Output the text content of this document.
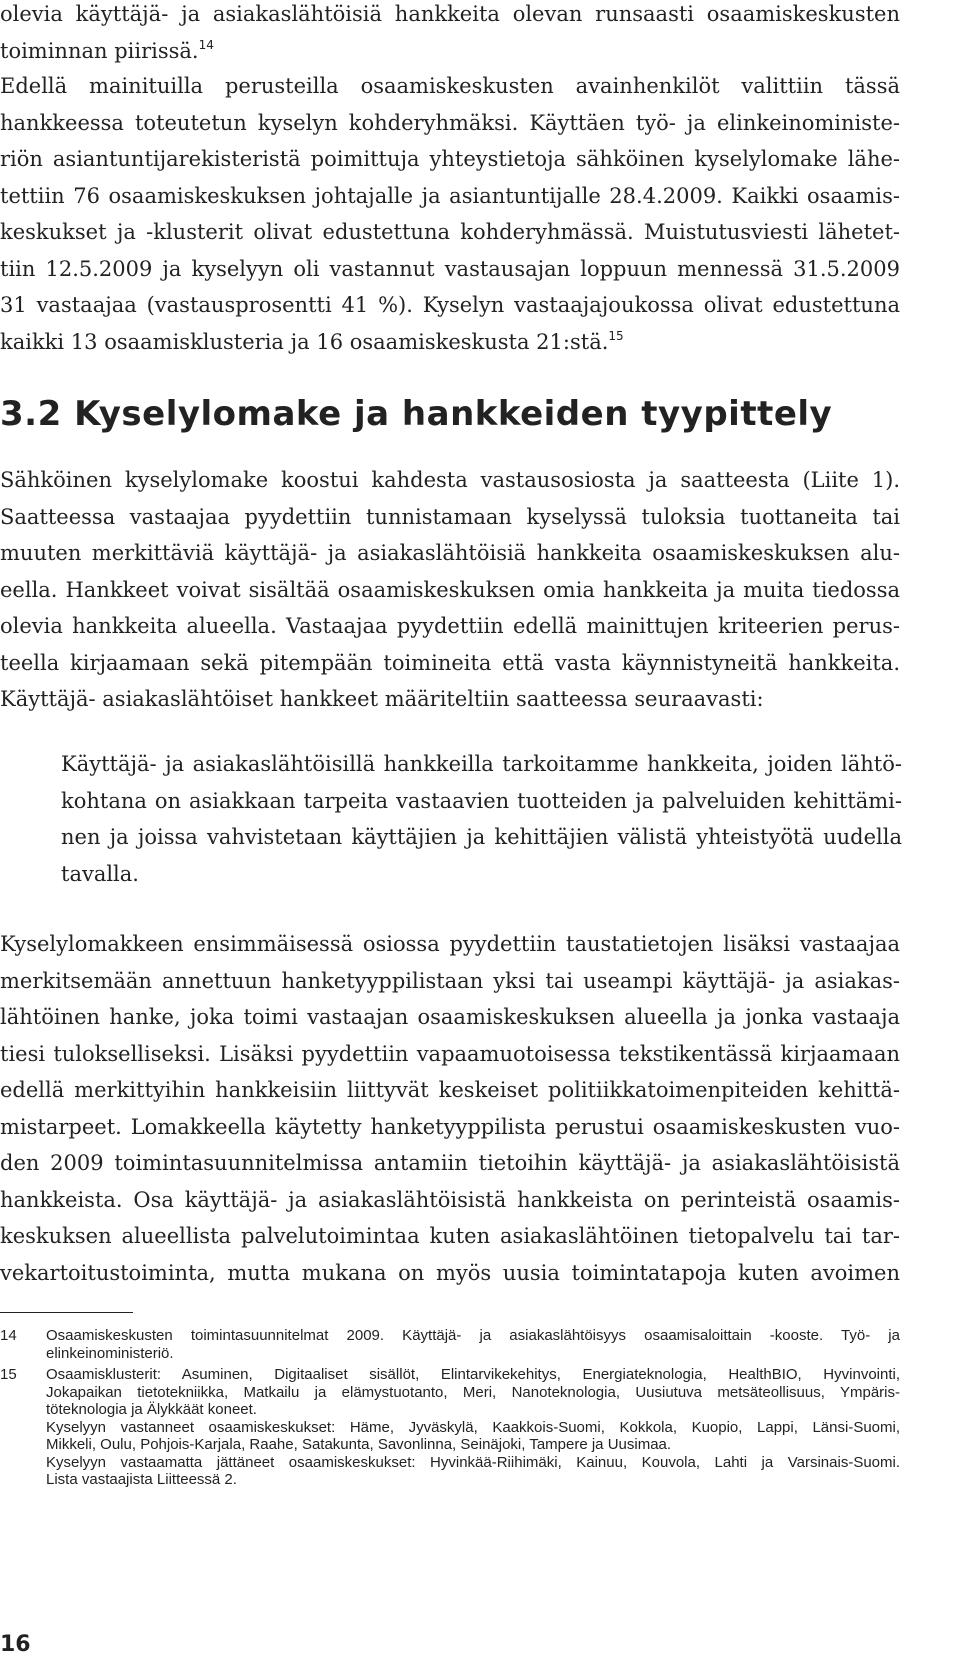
olevia käyttäjä- ja asiakaslähtöisiä hankkeita olevan runsaasti osaamiskeskusten
toiminnan piirissä.$^{14}$
Edellä mainituilla perusteilla osaamiskeskusten avainhenkilöt valittiin tässä
hankkeessa toteutetun kyselyn kohderyhmäksi. Käyttäen työ- ja elinkeinoministe-
riön asiantuntijarekisteristä poimittuja yhteystietoja sähköinen kyselylomake lähe-
tettiin 76 osaamiskeskuksen johtajalle ja asiantuntijalle 28.4.2009. Kaikki osaamis-
keskukset ja -klusterit olivat edustettuna kohderyhmässä. Muistutusviesti lähetet-
tiin 12.5.2009 ja kyselyyn oli vastannut vastausajan loppuun mennessä 31.5.2009
31 vastaajaa (vastausprosentti 41 %). Kyselyn vastaajajoukossa olivat edustettuna
kaikki 13 osaamisklusteria ja 16 osaamiskeskusta 21:stä.$^{15}$
3.2 Kyselylomake ja hankkeiden tyypittely
Sähköinen kyselylomake koostui kahdesta vastausosiosta ja saatteesta (Liite 1).
Saatteessa vastaajaa pyydettiin tunnistamaan kyselyssä tuloksia tuottaneita tai
muuten merkittäviä käyttäjä- ja asiakaslähtöisiä hankkeita osaamiskeskuksen alu-
eella. Hankkeet voivat sisältää osaamiskeskuksen omia hankkeita ja muita tiedossa
olevia hankkeita alueella. Vastaajaa pyydettiin edellä mainittujen kriteerien perus-
teella kirjaamaan sekä pitempään toimineita että vasta käynnistyneitä hankkeita.
Käyttäjä- asiakaslähtöiset hankkeet määriteltiin saatteessa seuraavasti:
Käyttäjä- ja asiakaslähtöisillä hankkeilla tarkoitamme hankkeita, joiden lähtö-
kohtana on asiakkaan tarpeita vastaavien tuotteiden ja palveluiden kehittämi-
nen ja joissa vahvistetaan käyttäjien ja kehittäjien välistä yhteistyötä uudella
tavalla.
Kyselylomakkeen ensimmäisessä osiossa pyydettiin taustatietojen lisäksi vastaajaa
merkitsemään annettuun hanketyyppilistaan yksi tai useampi käyttäjä- ja asiakas-
lähtöinen hanke, joka toimi vastaajan osaamiskeskuksen alueella ja jonka vastaaja
tiesi tulokselliseksi. Lisäksi pyydettiin vapaamuotoisessa tekstikentässä kirjaamaan
edellä merkittyihin hankkeisiin liittyvät keskeiset politiikkatoimenpiteiden kehittä-
mistarpeet. Lomakkeella käytetty hanketyyppilista perustui osaamiskeskusten vuo-
den 2009 toimintasuunnitelmissa antamiin tietoihin käyttäjä- ja asiakaslähtöisistä
hankkeista. Osa käyttäjä- ja asiakaslähtöisistä hankkeista on perinteistä osaamis-
keskuksen alueellista palvelutoimintaa kuten asiakaslähtöinen tietopalvelu tai tar-
vekartoitustoiminta, mutta mukana on myös uusia toimintatapoja kuten avoimen
14 Osaamiskeskusten toimintasuunnitelmat 2009. Käyttäjä- ja asiakaslähtöisyys osaamisaloittain -kooste. Työ- ja
elinkeinoministeriö.
15 Osaamisklusterit: Asuminen, Digitaaliset sisällöt, Elintarvikekehitys, Energiateknologia, HealthBIO, Hyvinvointi,
Jokapaikan tietotekniikka, Matkailu ja elämystuotanto, Meri, Nanoteknologia, Uusiutuva metsäteollisuus, Ympäris-
töteknologia ja Älykkäät koneet.
Kyselyyn vastanneet osaamiskeskukset: Häme, Jyväskylä, Kaakkois-Suomi, Kokkola, Kuopio, Lappi, Länsi-Suomi,
Mikkeli, Oulu, Pohjois-Karjala, Raahe, Satakunta, Savonlinna, Seinäjoki, Tampere ja Uusimaa.
Kyselyyn vastaamatta jättäneet osaamiskeskukset: Hyvinkää-Riihimäki, Kainuu, Kouvola, Lahti ja Varsinais-Suomi.
Lista vastaajista Liitteessä 2.
16
